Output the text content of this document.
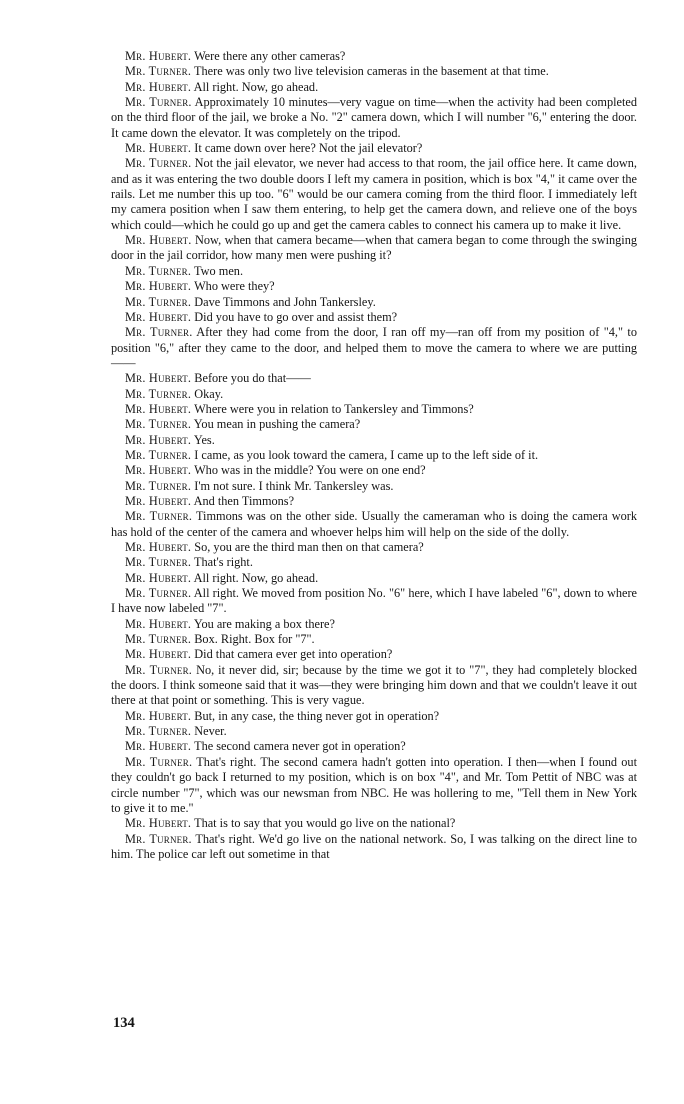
Mr. Hubert. Were there any other cameras?

Mr. Turner. There was only two live television cameras in the basement at that time.

Mr. Hubert. All right. Now, go ahead.

Mr. Turner. Approximately 10 minutes—very vague on time—when the activity had been completed on the third floor of the jail, we broke a No. "2" camera down, which I will number "6," entering the door. It came down the elevator. It was completely on the tripod.

Mr. Hubert. It came down over here? Not the jail elevator?

Mr. Turner. Not the jail elevator, we never had access to that room, the jail office here. It came down, and as it was entering the two double doors I left my camera in position, which is box "4," it came over the rails. Let me number this up too. "6" would be our camera coming from the third floor. I immediately left my camera position when I saw them entering, to help get the camera down, and relieve one of the boys which could—which he could go up and get the camera cables to connect his camera up to make it live.

Mr. Hubert. Now, when that camera became—when that camera began to come through the swinging door in the jail corridor, how many men were pushing it?

Mr. Turner. Two men.

Mr. Hubert. Who were they?

Mr. Turner. Dave Timmons and John Tankersley.

Mr. Hubert. Did you have to go over and assist them?

Mr. Turner. After they had come from the door, I ran off my—ran off from my position of "4," to position "6," after they came to the door, and helped them to move the camera to where we are putting——

Mr. Hubert. Before you do that——

Mr. Turner. Okay.

Mr. Hubert. Where were you in relation to Tankersley and Timmons?

Mr. Turner. You mean in pushing the camera?

Mr. Hubert. Yes.

Mr. Turner. I came, as you look toward the camera, I came up to the left side of it.

Mr. Hubert. Who was in the middle? You were on one end?

Mr. Turner. I'm not sure. I think Mr. Tankersley was.

Mr. Hubert. And then Timmons?

Mr. Turner. Timmons was on the other side. Usually the cameraman who is doing the camera work has hold of the center of the camera and whoever helps him will help on the side of the dolly.

Mr. Hubert. So, you are the third man then on that camera?

Mr. Turner. That's right.

Mr. Hubert. All right. Now, go ahead.

Mr. Turner. All right. We moved from position No. "6" here, which I have labeled "6", down to where I have now labeled "7".

Mr. Hubert. You are making a box there?

Mr. Turner. Box. Right. Box for "7".

Mr. Hubert. Did that camera ever get into operation?

Mr. Turner. No, it never did, sir; because by the time we got it to "7", they had completely blocked the doors. I think someone said that it was—they were bringing him down and that we couldn't leave it out there at that point or something. This is very vague.

Mr. Hubert. But, in any case, the thing never got in operation?

Mr. Turner. Never.

Mr. Hubert. The second camera never got in operation?

Mr. Turner. That's right. The second camera hadn't gotten into operation. I then—when I found out they couldn't go back I returned to my position, which is on box "4", and Mr. Tom Pettit of NBC was at circle number "7", which was our newsman from NBC. He was hollering to me, "Tell them in New York to give it to me."

Mr. Hubert. That is to say that you would go live on the national?

Mr. Turner. That's right. We'd go live on the national network. So, I was talking on the direct line to him. The police car left out sometime in that

134
